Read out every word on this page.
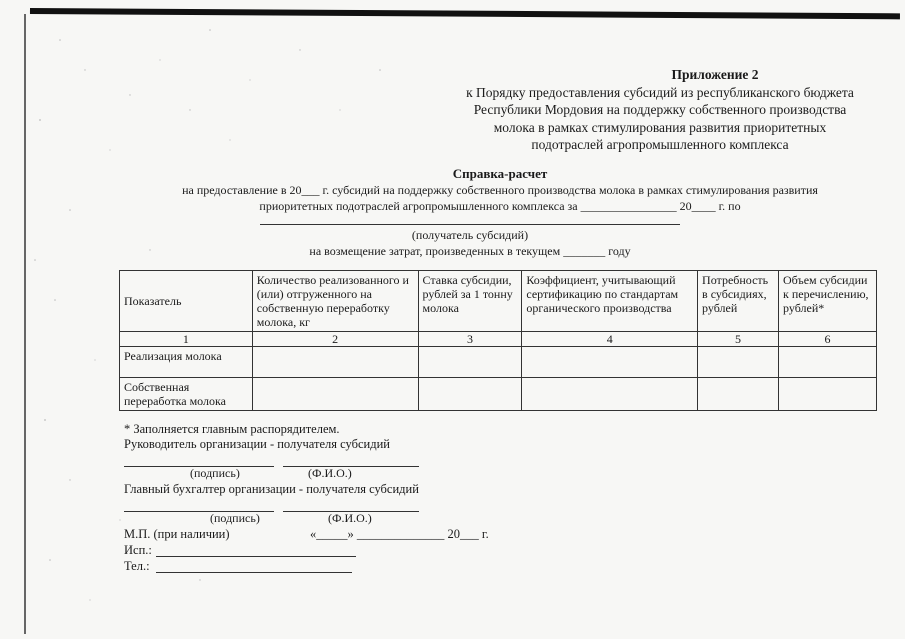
Приложение 2
к Порядку предоставления субсидий из республиканского бюджета
Республики Мордовия на поддержку собственного производства
молока в рамках стимулирования развития приоритетных
подотраслей агропромышленного комплекса
Справка-расчет
на предоставление в 20___ г. субсидий на поддержку собственного производства молока в рамках стимулирования развития
приоритетных подотраслей агропромышленного комплекса за ________________ 20____ г. по
(получатель субсидий)
на возмещение затрат, произведенных в текущем _______ году
Показатель	Количество реализованного и (или) отгруженного на собственную переработку молока, кг	Ставка субсидии, рублей за 1 тонну молока	Коэффициент, учитывающий сертификацию по стандартам органического производства	Потребность в субсидиях, рублей	Объем субсидии к перечислению, рублей*
1	2	3	4	5	6
Реализация молока					
Собственная переработка молока					
* Заполняется главным распорядителем.
Руководитель организации - получателя субсидий

(подпись)	(Ф.И.О.)
Главный бухгалтер организации - получателя субсидий

(подпись)	(Ф.И.О.)
М.П. (при наличии)	«_____» ______________ 20___ г.
Исп.:
Тел.:
